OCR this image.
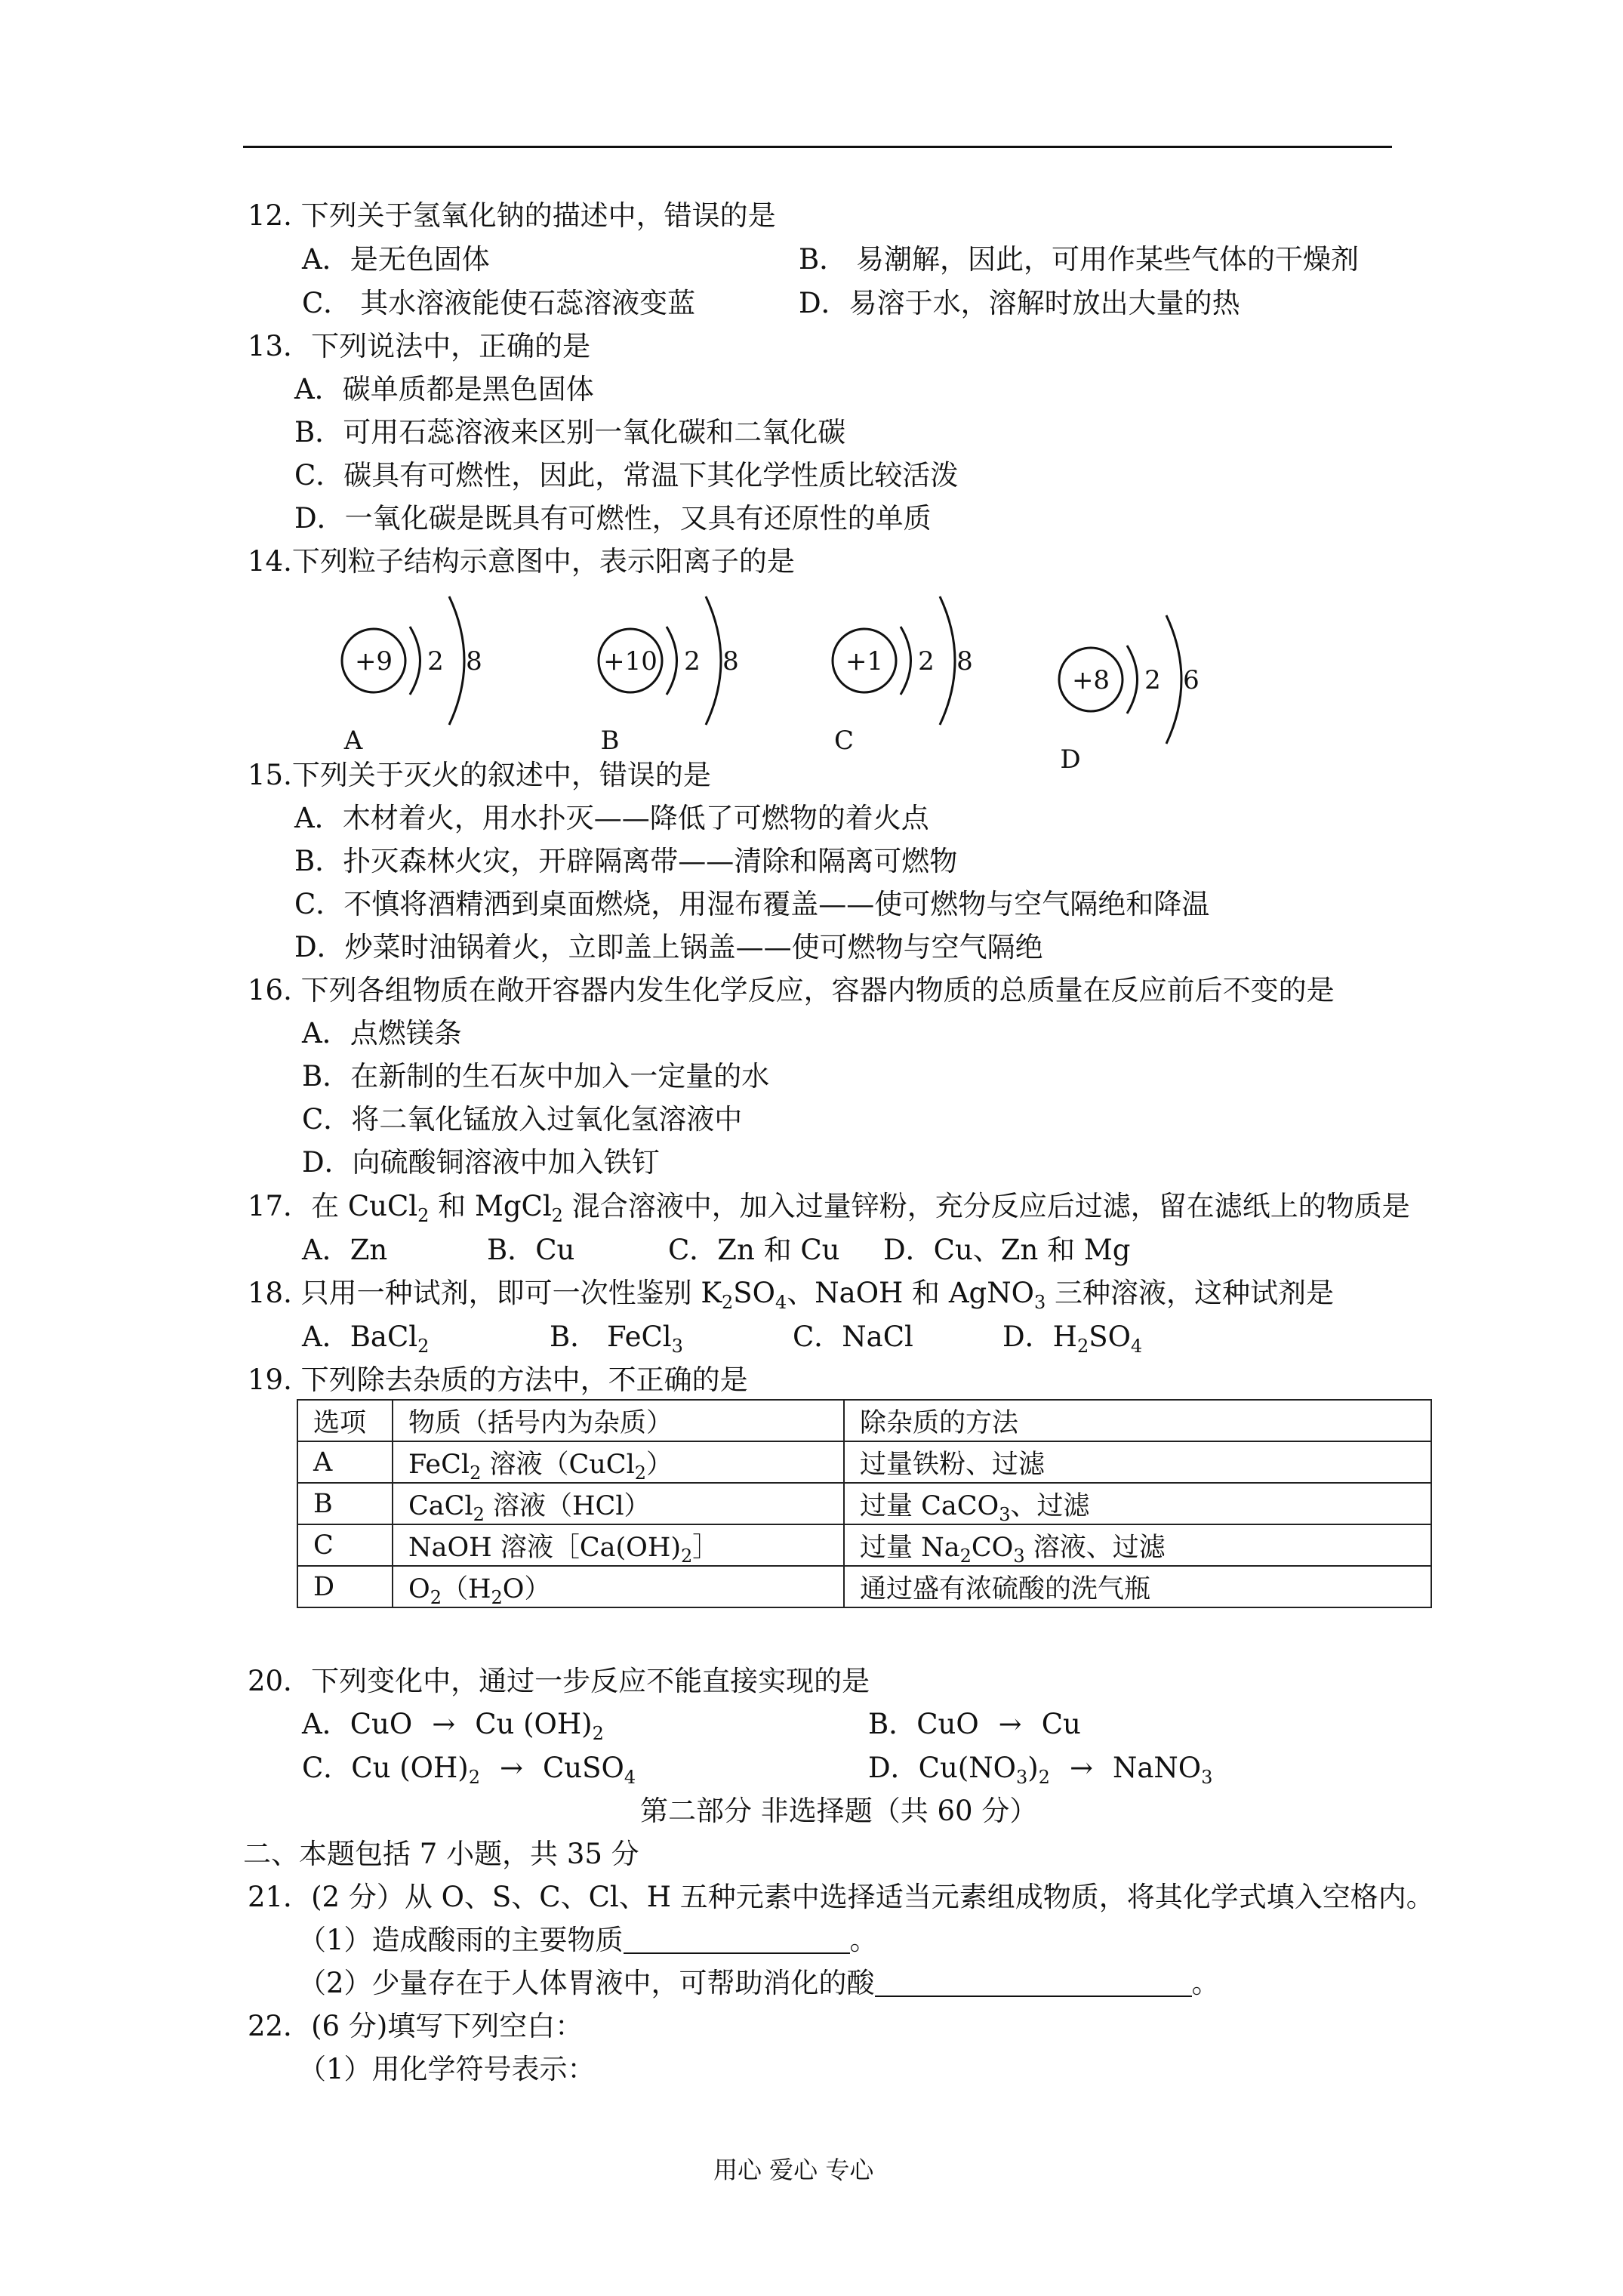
12. 下列关于氢氧化钠的描述中，错误的是
A．是无色固体	B． 易潮解，因此，可用作某些气体的干燥剂
C． 其水溶液能使石蕊溶液变蓝	D．易溶于水，溶解时放出大量的热
13．下列说法中，正确的是
A．碳单质都是黑色固体
B．可用石蕊溶液来区别一氧化碳和二氧化碳
C．碳具有可燃性，因此，常温下其化学性质比较活泼
D．一氧化碳是既具有可燃性，又具有还原性的单质
14.下列粒子结构示意图中，表示阳离子的是
+9 2 8
A
+10 2 8
B
+1 2 8
C
+8 2 6
D
15.下列关于灭火的叙述中，错误的是
A．木材着火，用水扑灭——降低了可燃物的着火点
B．扑灭森林火灾，开辟隔离带——清除和隔离可燃物
C．不慎将酒精洒到桌面燃烧，用湿布覆盖——使可燃物与空气隔绝和降温
D．炒菜时油锅着火，立即盖上锅盖——使可燃物与空气隔绝
16. 下列各组物质在敞开容器内发生化学反应，容器内物质的总质量在反应前后不变的是
A．点燃镁条
B．在新制的生石灰中加入一定量的水
C．将二氧化锰放入过氧化氢溶液中
D．向硫酸铜溶液中加入铁钉
17．在 CuCl$_2$ 和 MgCl$_2$ 混合溶液中，加入过量锌粉，充分反应后过滤，留在滤纸上的物质是
A．Zn	B．Cu	C．Zn 和 Cu D．Cu、Zn 和 Mg
18. 只用一种试剂，即可一次性鉴别 $K_2SO_4$、NaOH 和 AgNO$_3$ 三种溶液，这种试剂是
A．BaCl$_2$	B． FeCl$_3$	C．NaCl	D．$H_2SO_4$
19. 下列除去杂质的方法中，不正确的是
选项	物质（括号内为杂质）	除杂质的方法
A	FeCl$_2$ 溶液（CuCl$_2$）	过量铁粉、过滤
B	CaCl$_2$ 溶液（HCl）	过量 CaCO$_3$、过滤
C	NaOH 溶液$[Ca(OH)_2]$	过量 $Na_2CO_3$ 溶液、过滤
D	$O_2(H_2O)$	通过盛有浓硫酸的洗气瓶
20．下列变化中，通过一步反应不能直接实现的是
A．CuO → Cu $(OH)_2$	B．CuO → Cu
C．Cu $(OH)_2$ → CuSO$_4$	D．$Cu(NO_3)_2$ → NaNO$_3$
第二部分 非选择题（共 60 分）
二、本题包括 7 小题，共 35 分
21．(2 分）从 O、S、C、Cl、H 五种元素中选择适当元素组成物质，将其化学式填入空格内。
（1）造成酸雨的主要物质	。
（2）少量存在于人体胃液中，可帮助消化的酸	。
22．(6 分)填写下列空白：
（1）用化学符号表示：
用心 爱心 专心
